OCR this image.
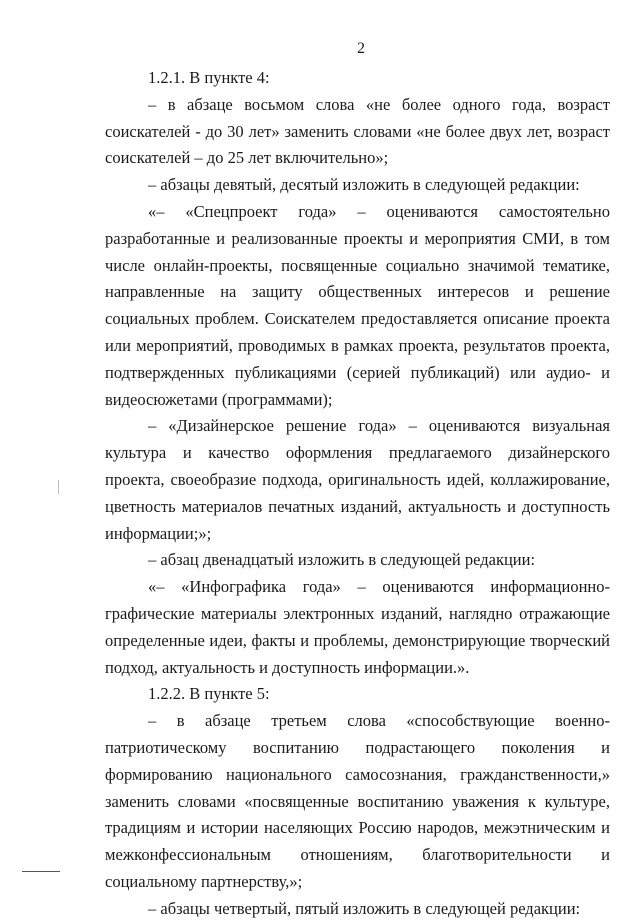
2

1.2.1. В пункте 4:

– в абзаце восьмом слова «не более одного года, возраст соискателей - до 30 лет» заменить словами «не более двух лет, возраст соискателей – до 25 лет включительно»;

– абзацы девятый, десятый изложить в следующей редакции:

«– «Спецпроект года» – оцениваются самостоятельно разработанные и реализованные проекты и мероприятия СМИ, в том числе онлайн-проекты, посвященные социально значимой тематике, направленные на защиту общественных интересов и решение социальных проблем. Соискателем предоставляется описание проекта или мероприятий, проводимых в рамках проекта, результатов проекта, подтвержденных публикациями (серией публикаций) или аудио- и видеосюжетами (программами);

– «Дизайнерское решение года» – оцениваются визуальная культура и качество оформления предлагаемого дизайнерского проекта, своеобразие подхода, оригинальность идей, коллажирование, цветность материалов печатных изданий, актуальность и доступность информации;»;

– абзац двенадцатый изложить в следующей редакции:

«– «Инфографика года» – оцениваются информационно-графические материалы электронных изданий, наглядно отражающие определенные идеи, факты и проблемы, демонстрирующие творческий подход, актуальность и доступность информации.».

1.2.2. В пункте 5:

– в абзаце третьем слова «способствующие военно-патриотическому воспитанию подрастающего поколения и формированию национального самосознания, гражданственности,» заменить словами «посвященные воспитанию уважения к культуре, традициям и истории населяющих Россию народов, межэтническим и межконфессиональным отношениям, благотворительности и социальному партнерству,»;

– абзацы четвертый, пятый изложить в следующей редакции:
